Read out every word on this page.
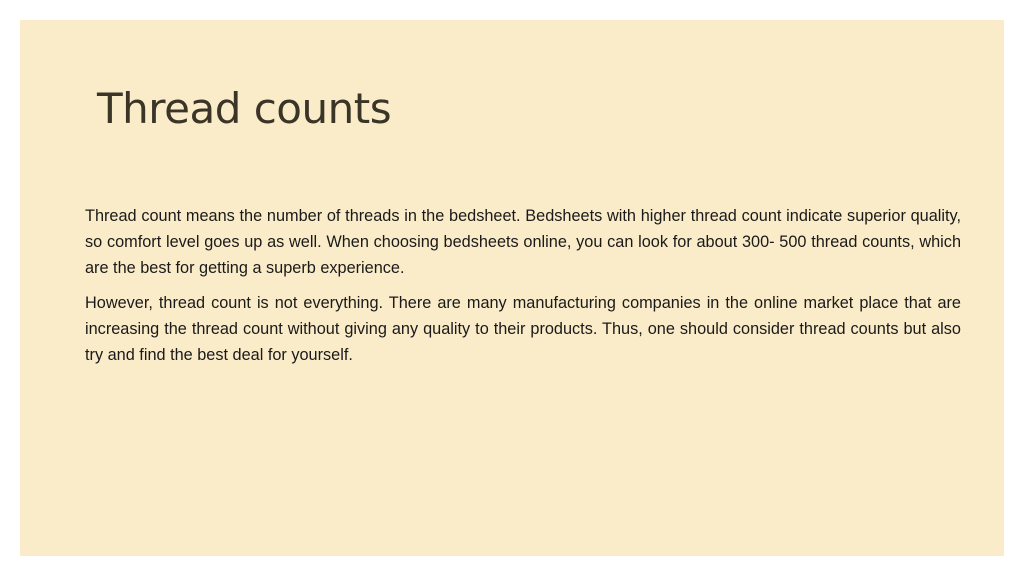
Thread counts

Thread count means the number of threads in the bedsheet. Bedsheets with higher thread count indicate superior quality, so comfort level goes up as well. When choosing bedsheets online, you can look for about 300- 500 thread counts, which are the best for getting a superb experience.

However, thread count is not everything. There are many manufacturing companies in the online market place that are increasing the thread count without giving any quality to their products. Thus, one should consider thread counts but also try and find the best deal for yourself.
